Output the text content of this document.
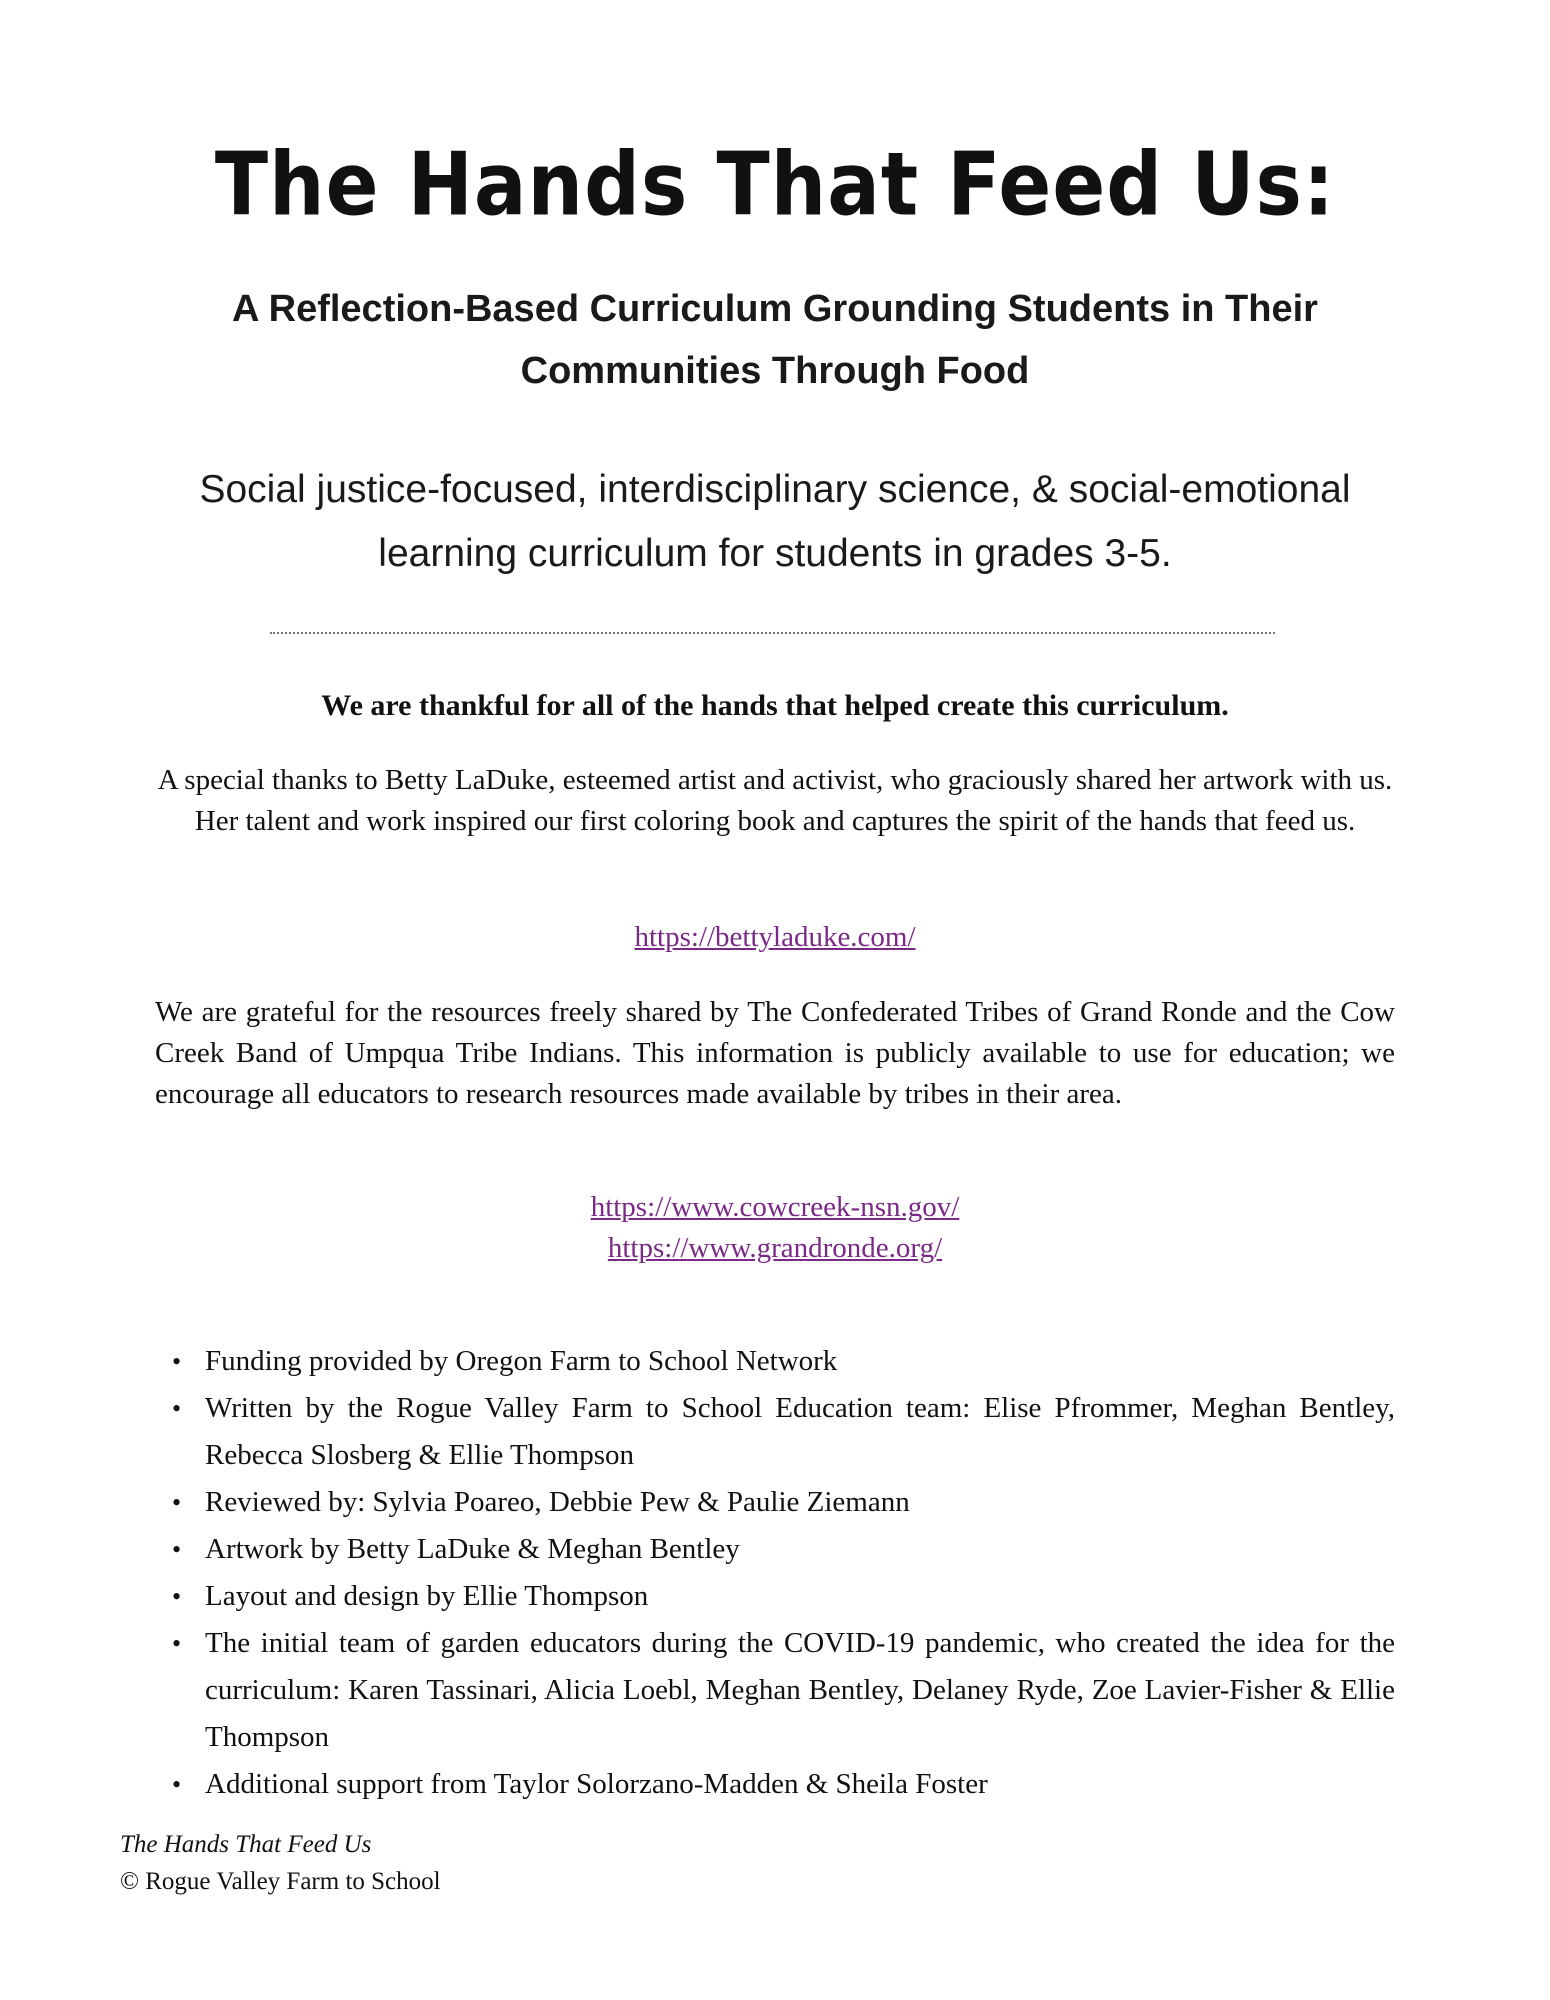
The Hands That Feed Us:
A Reflection-Based Curriculum Grounding Students in Their Communities Through Food
Social justice-focused, interdisciplinary science, & social-emotional learning curriculum for students in grades 3-5.
We are thankful for all of the hands that helped create this curriculum.
A special thanks to Betty LaDuke, esteemed artist and activist, who graciously shared her artwork with us. Her talent and work inspired our first coloring book and captures the spirit of the hands that feed us.
https://bettyladuke.com/
We are grateful for the resources freely shared by The Confederated Tribes of Grand Ronde and the Cow Creek Band of Umpqua Tribe Indians. This information is publicly available to use for education; we encourage all educators to research resources made available by tribes in their area.
https://www.cowcreek-nsn.gov/
https://www.grandronde.org/
• Funding provided by Oregon Farm to School Network
• Written by the Rogue Valley Farm to School Education team: Elise Pfrommer, Meghan Bentley, Rebecca Slosberg & Ellie Thompson
• Reviewed by: Sylvia Poareo, Debbie Pew & Paulie Ziemann
• Artwork by Betty LaDuke & Meghan Bentley
• Layout and design by Ellie Thompson
• The initial team of garden educators during the COVID-19 pandemic, who created the idea for the curriculum: Karen Tassinari, Alicia Loebl, Meghan Bentley, Delaney Ryde, Zoe Lavier-Fisher & Ellie Thompson
• Additional support from Taylor Solorzano-Madden & Sheila Foster
The Hands That Feed Us
© Rogue Valley Farm to School
